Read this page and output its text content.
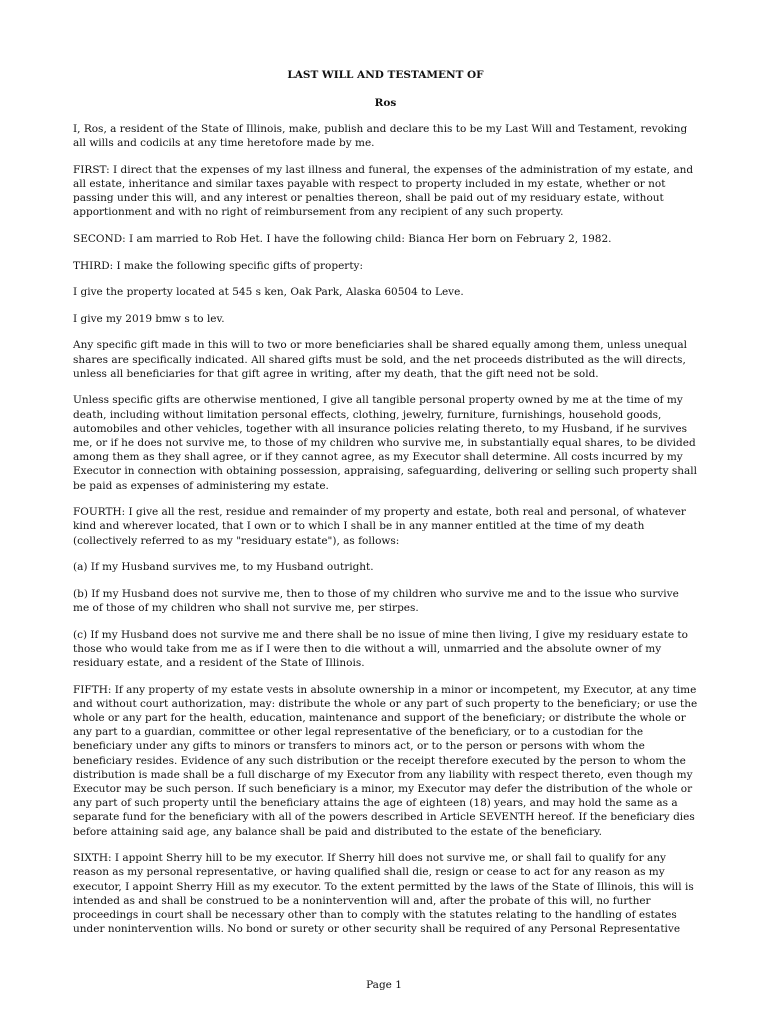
LAST WILL AND TESTAMENT OF
Ros

I, Ros, a resident of the State of Illinois, make, publish and declare this to be my Last Will and Testament, revoking all wills and codicils at any time heretofore made by me.

FIRST: I direct that the expenses of my last illness and funeral, the expenses of the administration of my estate, and all estate, inheritance and similar taxes payable with respect to property included in my estate, whether or not passing under this will, and any interest or penalties thereon, shall be paid out of my residuary estate, without apportionment and with no right of reimbursement from any recipient of any such property.

SECOND: I am married to Rob Het. I have the following child: Bianca Her born on February 2, 1982.

THIRD: I make the following specific gifts of property:

I give the property located at 545 s ken, Oak Park, Alaska 60504 to Leve.

I give my 2019 bmw s to lev.

Any specific gift made in this will to two or more beneficiaries shall be shared equally among them, unless unequal shares are specifically indicated. All shared gifts must be sold, and the net proceeds distributed as the will directs, unless all beneficiaries for that gift agree in writing, after my death, that the gift need not be sold.

Unless specific gifts are otherwise mentioned, I give all tangible personal property owned by me at the time of my death, including without limitation personal effects, clothing, jewelry, furniture, furnishings, household goods, automobiles and other vehicles, together with all insurance policies relating thereto, to my Husband, if he survives me, or if he does not survive me, to those of my children who survive me, in substantially equal shares, to be divided among them as they shall agree, or if they cannot agree, as my Executor shall determine. All costs incurred by my Executor in connection with obtaining possession, appraising, safeguarding, delivering or selling such property shall be paid as expenses of administering my estate.

FOURTH: I give all the rest, residue and remainder of my property and estate, both real and personal, of whatever kind and wherever located, that I own or to which I shall be in any manner entitled at the time of my death (collectively referred to as my "residuary estate"), as follows:

(a) If my Husband survives me, to my Husband outright.

(b) If my Husband does not survive me, then to those of my children who survive me and to the issue who survive me of those of my children who shall not survive me, per stirpes.

(c) If my Husband does not survive me and there shall be no issue of mine then living, I give my residuary estate to those who would take from me as if I were then to die without a will, unmarried and the absolute owner of my residuary estate, and a resident of the State of Illinois.

FIFTH: If any property of my estate vests in absolute ownership in a minor or incompetent, my Executor, at any time and without court authorization, may: distribute the whole or any part of such property to the beneficiary; or use the whole or any part for the health, education, maintenance and support of the beneficiary; or distribute the whole or any part to a guardian, committee or other legal representative of the beneficiary, or to a custodian for the beneficiary under any gifts to minors or transfers to minors act, or to the person or persons with whom the beneficiary resides. Evidence of any such distribution or the receipt therefore executed by the person to whom the distribution is made shall be a full discharge of my Executor from any liability with respect thereto, even though my Executor may be such person. If such beneficiary is a minor, my Executor may defer the distribution of the whole or any part of such property until the beneficiary attains the age of eighteen (18) years, and may hold the same as a separate fund for the beneficiary with all of the powers described in Article SEVENTH hereof. If the beneficiary dies before attaining said age, any balance shall be paid and distributed to the estate of the beneficiary.

SIXTH: I appoint Sherry hill to be my executor. If Sherry hill does not survive me, or shall fail to qualify for any reason as my personal representative, or having qualified shall die, resign or cease to act for any reason as my executor, I appoint Sherry Hill as my executor. To the extent permitted by the laws of the State of Illinois, this will is intended as and shall be construed to be a nonintervention will and, after the probate of this will, no further proceedings in court shall be necessary other than to comply with the statutes relating to the handling of estates under nonintervention wills. No bond or surety or other security shall be required of any Personal Representative

Page 1
